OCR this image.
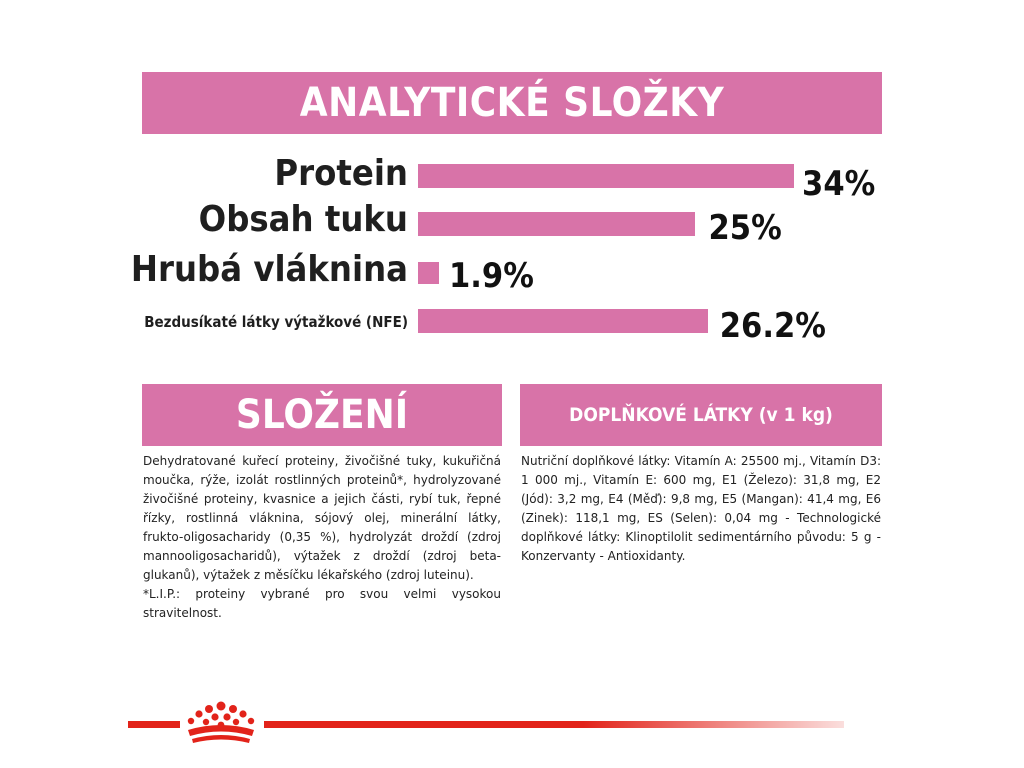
ANALYTICKÉ SLOŽKY
Protein	34%
Obsah tuku	25%
Hrubá vláknina 1.9%
Bezdusíkaté látky výtažkové (NFE)	26.2%
SLOŽENÍ	DOPLŇKOVÉ LÁTKY (v 1 kg)

Dehydratované kuřecí proteiny, živočišné tuky, kukuřičná moučka, rýže, izolát rostlinných proteinů*, hydrolyzované živočišné proteiny, kvasnice a jejich části, rybí tuk, řepné řízky, rostlinná vláknina, sójový olej, minerální látky, frukto-oligosacharidy (0,35 %), hydrolyzát droždí (zdroj mannooligosacharidů), výtažek z droždí (zdroj beta-glukanů), výtažek z měsíčku lékařského (zdroj luteinu).

*L.I.P.: proteiny vybrané pro svou velmi vysokou stravitelnost.

Nutriční doplňkové látky: Vitamín A: 25500 mj., Vitamín D3: 1 000 mj., Vitamín E: 600 mg, E1 (Železo): 31,8 mg, E2 (Jód): 3,2 mg, E4 (Měď): 9,8 mg, E5 (Mangan): 41,4 mg, E6 (Zinek): 118,1 mg, ES (Selen): 0,04 mg - Technologické doplňkové látky: Klinoptilolit sedimentárního původu: 5 g - Konzervanty - Antioxidanty.
